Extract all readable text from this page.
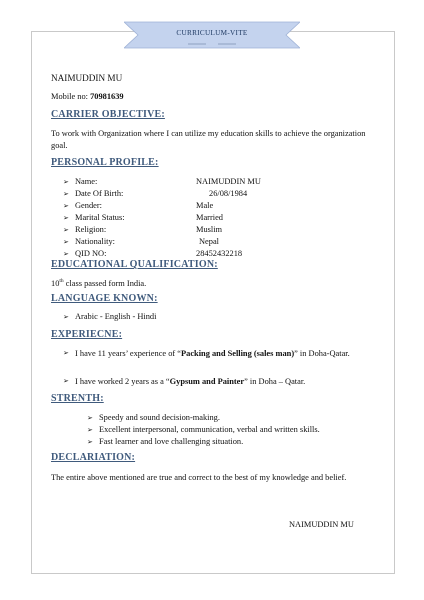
CURRICULUM-VITE
NAIMUDDIN MU
Mobile no: 70981639
CARRIER OBJECTIVE:
To work with Organization where I can utilize my education skills to achieve the organization goal.
PERSONAL PROFILE:
➢ Name:	NAIMUDDIN MU
➢ Date Of Birth:	26/08/1984
➢ Gender:	Male
➢ Marital Status:	Married
➢ Religion:	Muslim
➢ Nationality:	Nepal
➢ QID NO:	28452432218
EDUCATIONAL QUALIFICATION:
10th class passed form India.
LANGUAGE KNOWN:
➢ Arabic - English - Hindi
EXPERIECNE:
➢ I have 11 years’ experience of “Packing and Selling (sales man)” in Doha-Qatar.
➢ I have worked 2 years as a “Gypsum and Painter” in Doha – Qatar.
STRENTH:
➢ Speedy and sound decision-making.
➢ Excellent interpersonal, communication, verbal and written skills.
➢ Fast learner and love challenging situation.
DECLARIATION:
The entire above mentioned are true and correct to the best of my knowledge and belief.
NAIMUDDIN MU
